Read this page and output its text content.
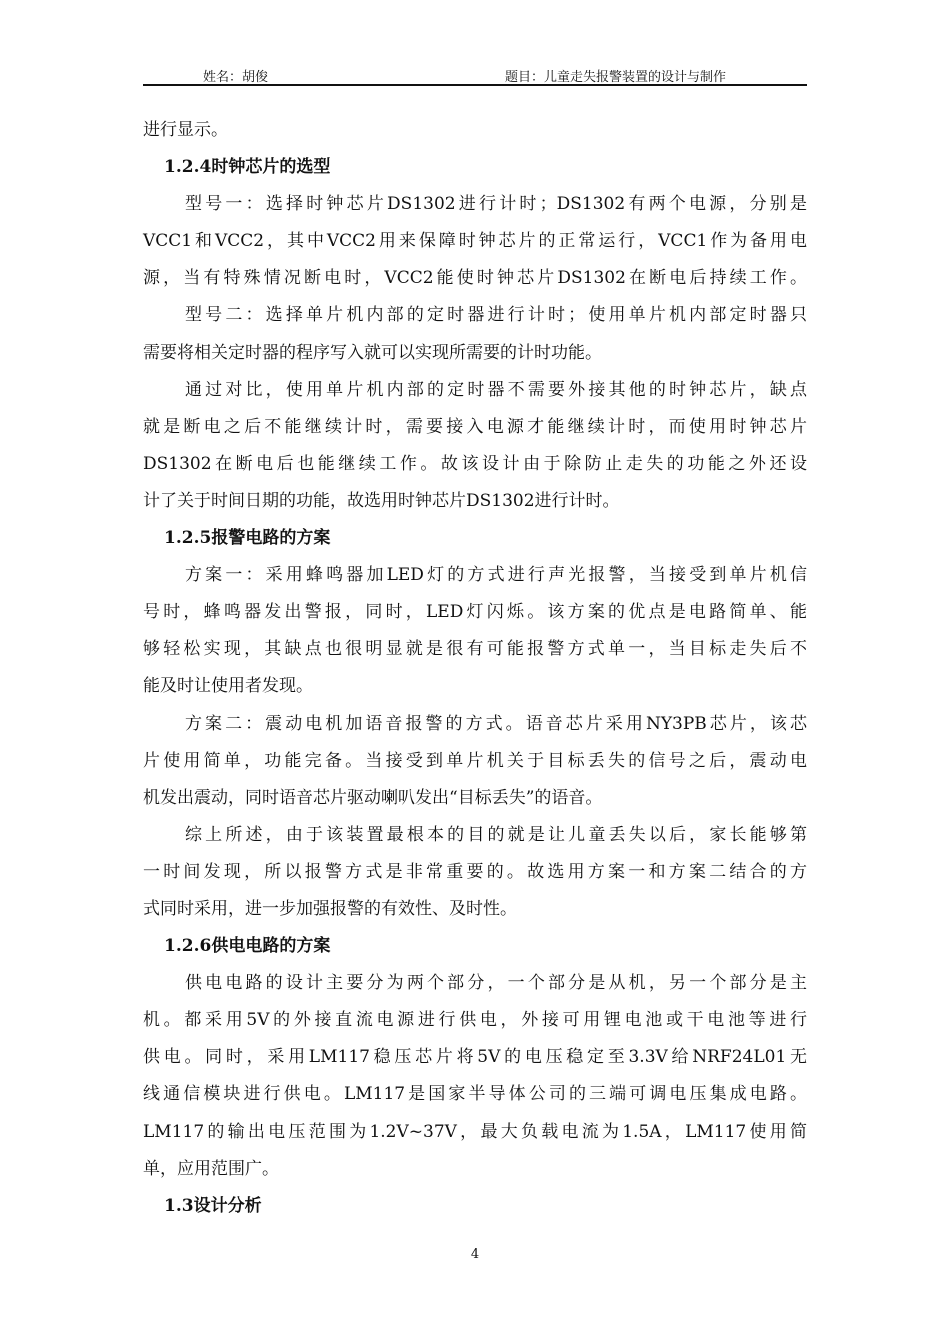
姓名：胡俊	题目：儿童走失报警装置的设计与制作
进行显示。
1.2.4时钟芯片的选型
型号一：选择时钟芯片DS1302进行计时；DS1302有两个电源，分别是
VCC1和VCC2，其中VCC2用来保障时钟芯片的正常运行，VCC1作为备用电
源，当有特殊情况断电时，VCC2能使时钟芯片DS1302在断电后持续工作。
型号二：选择单片机内部的定时器进行计时；使用单片机内部定时器只
需要将相关定时器的程序写入就可以实现所需要的计时功能。
通过对比，使用单片机内部的定时器不需要外接其他的时钟芯片，缺点
就是断电之后不能继续计时，需要接入电源才能继续计时，而使用时钟芯片
DS1302在断电后也能继续工作。故该设计由于除防止走失的功能之外还设
计了关于时间日期的功能，故选用时钟芯片DS1302进行计时。
1.2.5报警电路的方案
方案一：采用蜂鸣器加LED灯的方式进行声光报警，当接受到单片机信
号时，蜂鸣器发出警报，同时，LED灯闪烁。该方案的优点是电路简单、能
够轻松实现，其缺点也很明显就是很有可能报警方式单一，当目标走失后不
能及时让使用者发现。
方案二：震动电机加语音报警的方式。语音芯片采用NY3PB芯片，该芯
片使用简单，功能完备。当接受到单片机关于目标丢失的信号之后，震动电
机发出震动，同时语音芯片驱动喇叭发出“目标丢失”的语音。
综上所述，由于该装置最根本的目的就是让儿童丢失以后，家长能够第
一时间发现，所以报警方式是非常重要的。故选用方案一和方案二结合的方
式同时采用，进一步加强报警的有效性、及时性。
1.2.6供电电路的方案
供电电路的设计主要分为两个部分，一个部分是从机，另一个部分是主
机。都采用5V的外接直流电源进行供电，外接可用锂电池或干电池等进行
供电。同时，采用LM117稳压芯片将5V的电压稳定至3.3V给NRF24L01无
线通信模块进行供电。LM117是国家半导体公司的三端可调电压集成电路。
LM117的输出电压范围为1.2V~37V，最大负载电流为1.5A，LM117使用简
单，应用范围广。
1.3设计分析
4
